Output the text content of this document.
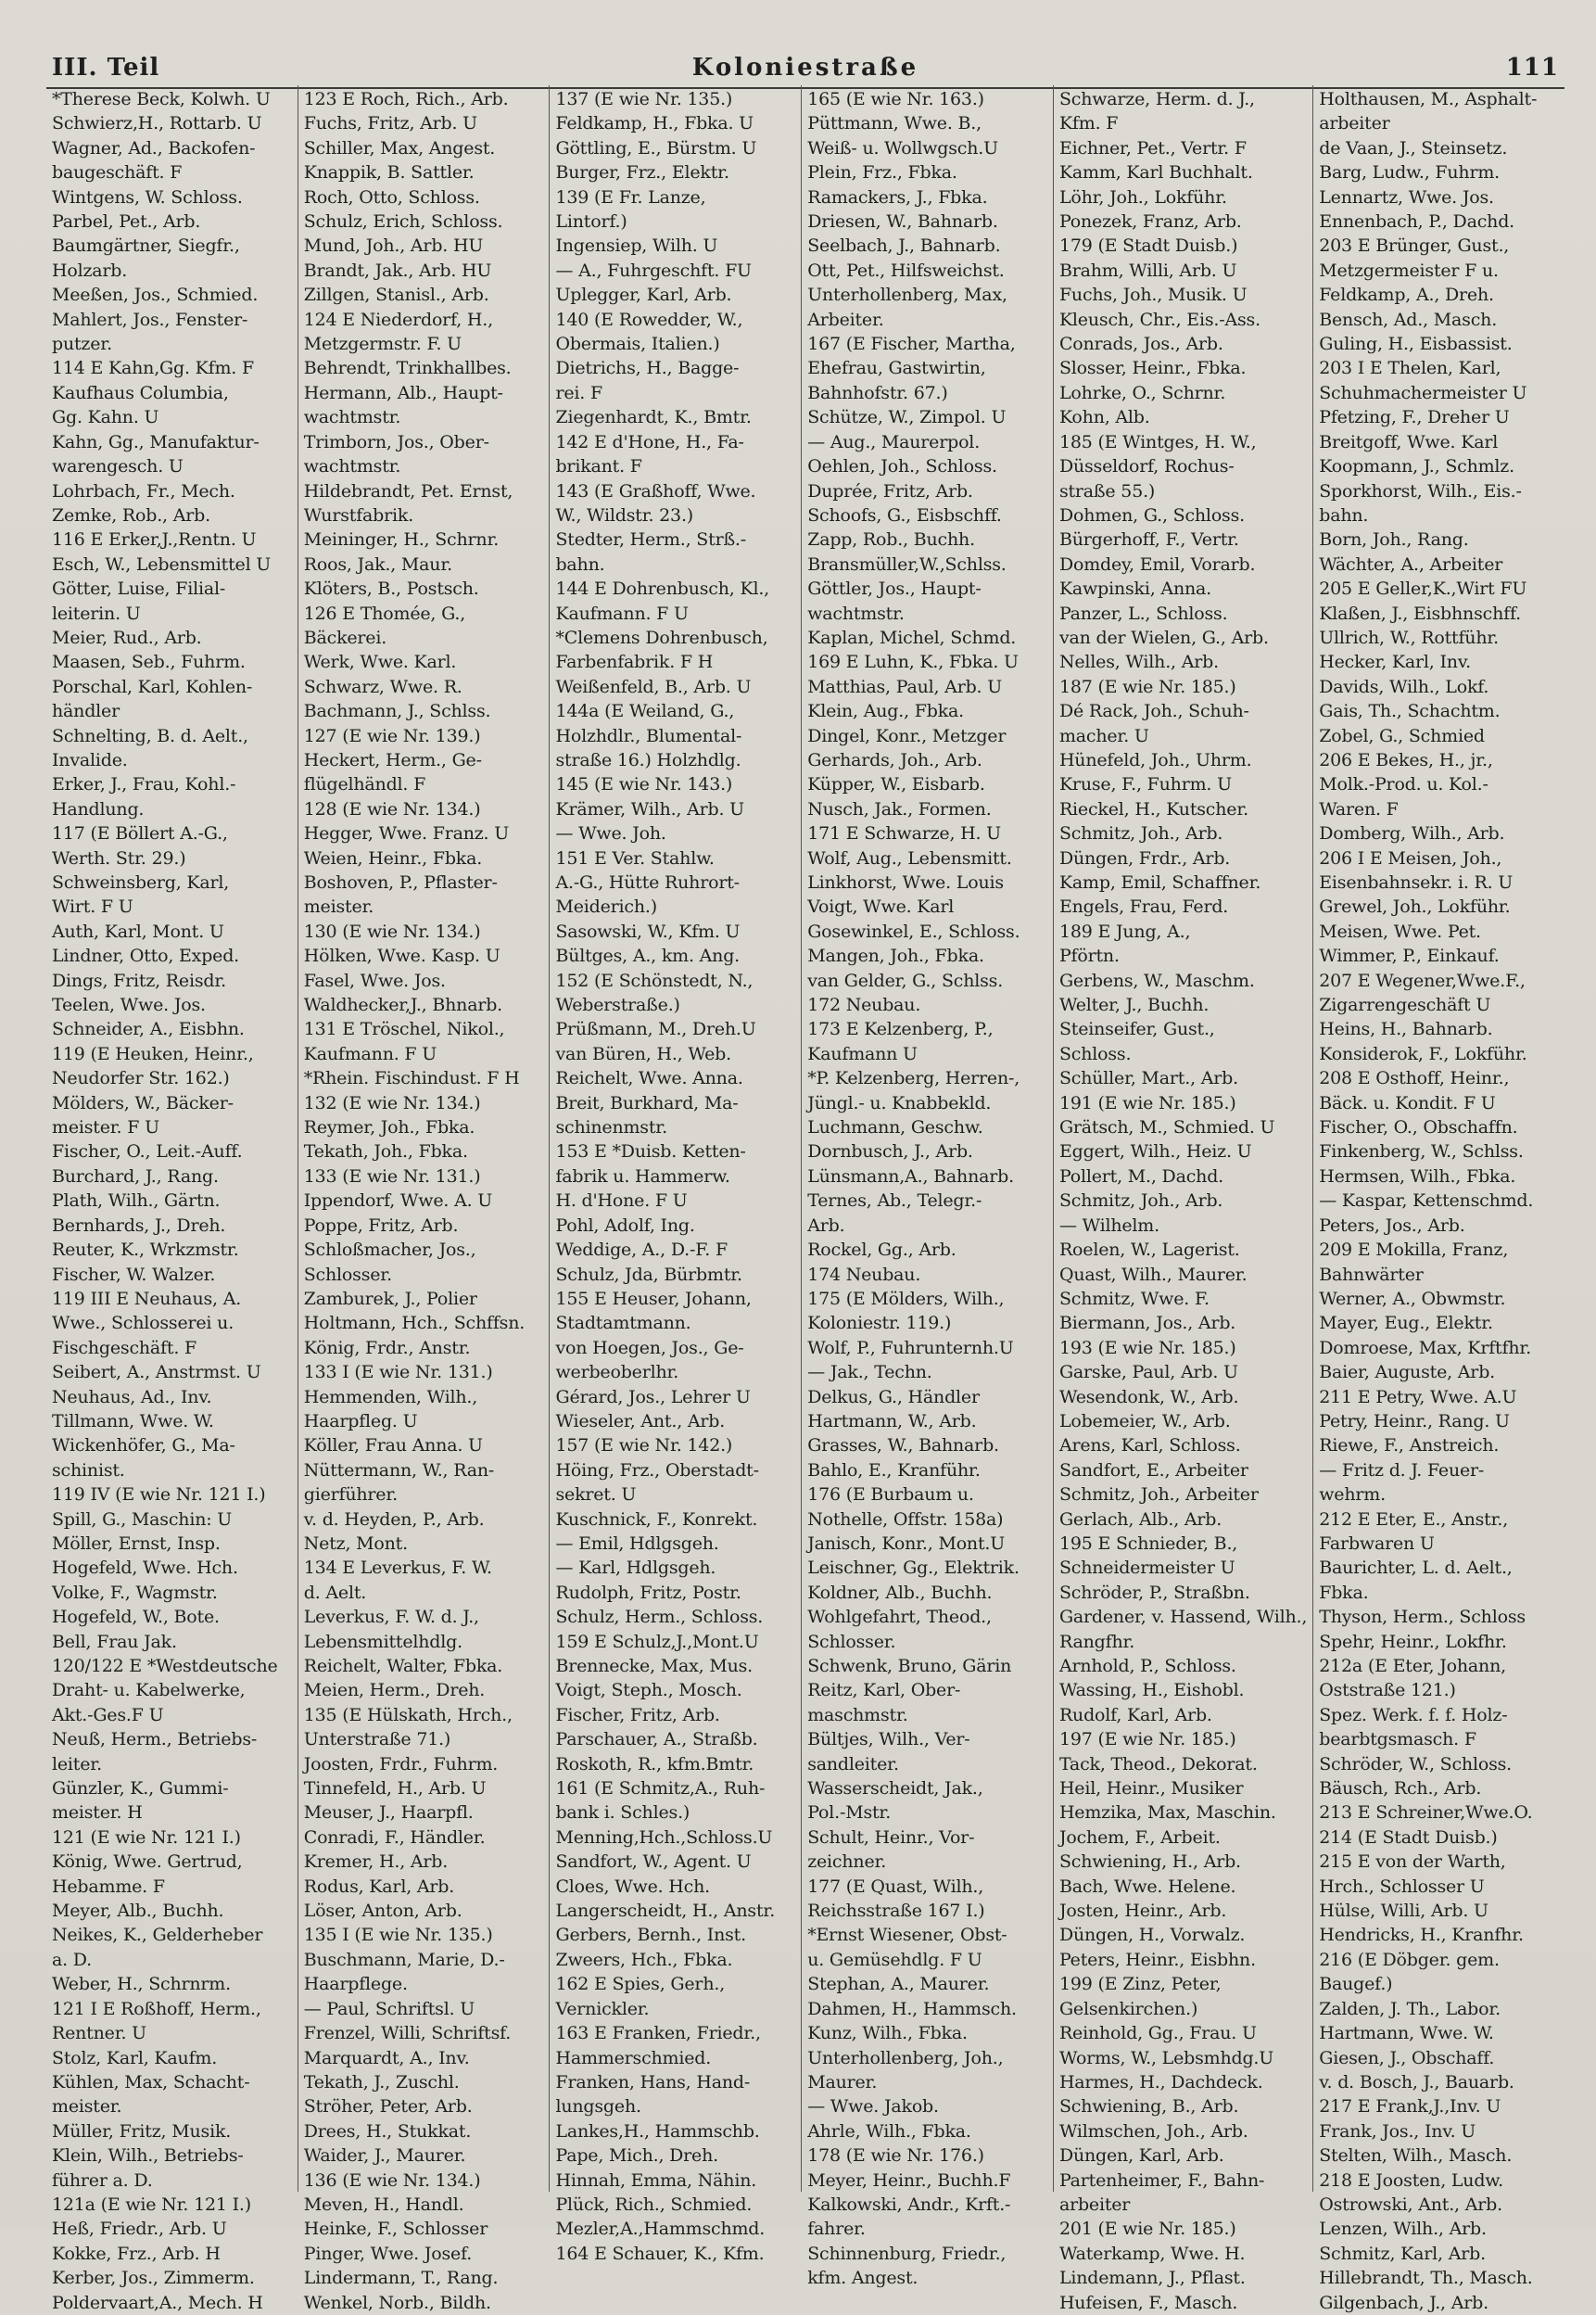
III. Teil	Koloniestraße	111
*Therese Beck, Kolwh. U
Schwierz,H., Rottarb. U
Wagner, Ad., Backofen-
baugeschäft. F
Wintgens, W. Schloss.
Parbel, Pet., Arb.
Baumgärtner, Siegfr.,
Holzarb.
Meeßen, Jos., Schmied.
Mahlert, Jos., Fenster-
putzer.
114 E Kahn,Gg. Kfm. F
Kaufhaus Columbia,
Gg. Kahn. U
Kahn, Gg., Manufaktur-
warengesch. U
Lohrbach, Fr., Mech.
Zemke, Rob., Arb.
116 E Erker,J.,Rentn. U
Esch, W., Lebensmittel U
Götter, Luise, Filial-
leiterin. U
Meier, Rud., Arb.
Maasen, Seb., Fuhrm.
Porschal, Karl, Kohlen-
händler
Schnelting, B. d. Aelt.,
Invalide.
Erker, J., Frau, Kohl.-
Handlung.
117 (E Böllert A.-G.,
Werth. Str. 29.)
Schweinsberg, Karl,
Wirt. F U
Auth, Karl, Mont. U
Lindner, Otto, Exped.
Dings, Fritz, Reisdr.
Teelen, Wwe. Jos.
Schneider, A., Eisbhn.
119 (E Heuken, Heinr.,
Neudorfer Str. 162.)
Mölders, W., Bäcker-
meister. F U
Fischer, O., Leit.-Auff.
Burchard, J., Rang.
Plath, Wilh., Gärtn.
Bernhards, J., Dreh.
Reuter, K., Wrkzmstr.
Fischer, W. Walzer.
119 III E Neuhaus, A.
Wwe., Schlosserei u.
Fischgeschäft. F
Seibert, A., Anstrmst. U
Neuhaus, Ad., Inv.
Tillmann, Wwe. W.
Wickenhöfer, G., Ma-
schinist.
119 IV (E wie Nr. 121 I.)
Spill, G., Maschin: U
Möller, Ernst, Insp.
Hogefeld, Wwe. Hch.
Volke, F., Wagmstr.
Hogefeld, W., Bote.
Bell, Frau Jak.
120/122 E *Westdeutsche
Draht- u. Kabelwerke,
Akt.-Ges.F U
Neuß, Herm., Betriebs-
leiter.
Günzler, K., Gummi-
meister. H
121 (E wie Nr. 121 I.)
König, Wwe. Gertrud,
Hebamme. F
Meyer, Alb., Buchh.
Neikes, K., Gelderheber
a. D.
Weber, H., Schrnrm.
121 I E Roßhoff, Herm.,
Rentner. U
Stolz, Karl, Kaufm.
Kühlen, Max, Schacht-
meister.
Müller, Fritz, Musik.
Klein, Wilh., Betriebs-
führer a. D.
121a (E wie Nr. 121 I.)
Heß, Friedr., Arb. U
Kokke, Frz., Arb. H
Kerber, Jos., Zimmerm.
Poldervaart,A., Mech. H
123 E Roch, Rich., Arb.
Fuchs, Fritz, Arb. U
Schiller, Max, Angest.
Knappik, B. Sattler.
Roch, Otto, Schloss.
Schulz, Erich, Schloss.
Mund, Joh., Arb. HU
Brandt, Jak., Arb. HU
Zillgen, Stanisl., Arb.
124 E Niederdorf, H.,
Metzgermstr. F. U
Behrendt, Trinkhallbes.
Hermann, Alb., Haupt-
wachtmstr.
Trimborn, Jos., Ober-
wachtmstr.
Hildebrandt, Pet. Ernst,
Wurstfabrik.
Meininger, H., Schrnr.
Roos, Jak., Maur.
Klöters, B., Postsch.
126 E Thomée, G.,
Bäckerei.
Werk, Wwe. Karl.
Schwarz, Wwe. R.
Bachmann, J., Schlss.
127 (E wie Nr. 139.)
Heckert, Herm., Ge-
flügelhändl. F
128 (E wie Nr. 134.)
Hegger, Wwe. Franz. U
Weien, Heinr., Fbka.
Boshoven, P., Pflaster-
meister.
130 (E wie Nr. 134.)
Hölken, Wwe. Kasp. U
Fasel, Wwe. Jos.
Waldhecker,J., Bhnarb.
131 E Tröschel, Nikol.,
Kaufmann. F U
*Rhein. Fischindust. F H
132 (E wie Nr. 134.)
Reymer, Joh., Fbka.
Tekath, Joh., Fbka.
133 (E wie Nr. 131.)
Ippendorf, Wwe. A. U
Poppe, Fritz, Arb.
Schloßmacher, Jos.,
Schlosser.
Zamburek, J., Polier
Holtmann, Hch., Schffsn.
König, Frdr., Anstr.
133 I (E wie Nr. 131.)
Hemmenden, Wilh.,
Haarpfleg. U
Köller, Frau Anna. U
Nüttermann, W., Ran-
gierführer.
v. d. Heyden, P., Arb.
Netz, Mont.
134 E Leverkus, F. W.
d. Aelt.
Leverkus, F. W. d. J.,
Lebensmittelhdlg.
Reichelt, Walter, Fbka.
Meien, Herm., Dreh.
135 (E Hülskath, Hrch.,
Unterstraße 71.)
Joosten, Frdr., Fuhrm.
Tinnefeld, H., Arb. U
Meuser, J., Haarpfl.
Conradi, F., Händler.
Kremer, H., Arb.
Rodus, Karl, Arb.
Löser, Anton, Arb.
135 I (E wie Nr. 135.)
Buschmann, Marie, D.-
Haarpflege.
— Paul, Schriftsl. U
Frenzel, Willi, Schriftsf.
Marquardt, A., Inv.
Tekath, J., Zuschl.
Ströher, Peter, Arb.
Drees, H., Stukkat.
Waider, J., Maurer.
136 (E wie Nr. 134.)
Meven, H., Handl.
Heinke, F., Schlosser
Pinger, Wwe. Josef.
Lindermann, T., Rang.
Wenkel, Norb., Bildh.
137 (E wie Nr. 135.)
Feldkamp, H., Fbka. U
Göttling, E., Bürstm. U
Burger, Frz., Elektr.
139 (E Fr. Lanze,
Lintorf.)
Ingensiep, Wilh. U
— A., Fuhrgeschft. FU
Uplegger, Karl, Arb.
140 (E Rowedder, W.,
Obermais, Italien.)
Dietrichs, H., Bagge-
rei. F
Ziegenhardt, K., Bmtr.
142 E d'Hone, H., Fa-
brikant. F
143 (E Graßhoff, Wwe.
W., Wildstr. 23.)
Stedter, Herm., Strß.-
bahn.
144 E Dohrenbusch, Kl.,
Kaufmann. F U
*Clemens Dohrenbusch,
Farbenfabrik. F H
Weißenfeld, B., Arb. U
144a (E Weiland, G.,
Holzhdlr., Blumental-
straße 16.) Holzhdlg.
145 (E wie Nr. 143.)
Krämer, Wilh., Arb. U
— Wwe. Joh.
151 E Ver. Stahlw.
A.-G., Hütte Ruhrort-
Meiderich.)
Sasowski, W., Kfm. U
Bültges, A., km. Ang.
152 (E Schönstedt, N.,
Weberstraße.)
Prüßmann, M., Dreh.U
van Büren, H., Web.
Reichelt, Wwe. Anna.
Breit, Burkhard, Ma-
schinenmstr.
153 E *Duisb. Ketten-
fabrik u. Hammerw.
H. d'Hone. F U
Pohl, Adolf, Ing.
Weddige, A., D.-F. F
Schulz, Jda, Bürbmtr.
155 E Heuser, Johann,
Stadtamtmann.
von Hoegen, Jos., Ge-
werbeoberlhr.
Gérard, Jos., Lehrer U
Wieseler, Ant., Arb.
157 (E wie Nr. 142.)
Höing, Frz., Oberstadt-
sekret. U
Kuschnick, F., Konrekt.
— Emil, Hdlgsgeh.
— Karl, Hdlgsgeh.
Rudolph, Fritz, Postr.
Schulz, Herm., Schloss.
159 E Schulz,J.,Mont.U
Brennecke, Max, Mus.
Voigt, Steph., Mosch.
Fischer, Fritz, Arb.
Parschauer, A., Straßb.
Roskoth, R., kfm.Bmtr.
161 (E Schmitz,A., Ruh-
bank i. Schles.)
Menning,Hch.,Schloss.U
Sandfort, W., Agent. U
Cloes, Wwe. Hch.
Langerscheidt, H., Anstr.
Gerbers, Bernh., Inst.
Zweers, Hch., Fbka.
162 E Spies, Gerh.,
Vernickler.
163 E Franken, Friedr.,
Hammerschmied.
Franken, Hans, Hand-
lungsgeh.
Lankes,H., Hammschb.
Pape, Mich., Dreh.
Hinnah, Emma, Nähin.
Plück, Rich., Schmied.
Mezler,A.,Hammschmd.
164 E Schauer, K., Kfm.
165 (E wie Nr. 163.)
Püttmann, Wwe. B.,
Weiß- u. Wollwgsch.U
Plein, Frz., Fbka.
Ramackers, J., Fbka.
Driesen, W., Bahnarb.
Seelbach, J., Bahnarb.
Ott, Pet., Hilfsweichst.
Unterhollenberg, Max,
Arbeiter.
167 (E Fischer, Martha,
Ehefrau, Gastwirtin,
Bahnhofstr. 67.)
Schütze, W., Zimpol. U
— Aug., Maurerpol.
Oehlen, Joh., Schloss.
Duprée, Fritz, Arb.
Schoofs, G., Eisbschff.
Zapp, Rob., Buchh.
Bransmüller,W.,Schlss.
Göttler, Jos., Haupt-
wachtmstr.
Kaplan, Michel, Schmd.
169 E Luhn, K., Fbka. U
Matthias, Paul, Arb. U
Klein, Aug., Fbka.
Dingel, Konr., Metzger
Gerhards, Joh., Arb.
Küpper, W., Eisbarb.
Nusch, Jak., Formen.
171 E Schwarze, H. U
Wolf, Aug., Lebensmitt.
Linkhorst, Wwe. Louis
Voigt, Wwe. Karl
Gosewinkel, E., Schloss.
Mangen, Joh., Fbka.
van Gelder, G., Schlss.
172 Neubau.
173 E Kelzenberg, P.,
Kaufmann U
*P. Kelzenberg, Herren-,
Jüngl.- u. Knabbekld.
Luchmann, Geschw.
Dornbusch, J., Arb.
Lünsmann,A., Bahnarb.
Ternes, Ab., Telegr.-
Arb.
Rockel, Gg., Arb.
174 Neubau.
175 (E Mölders, Wilh.,
Koloniestr. 119.)
Wolf, P., Fuhrunternh.U
— Jak., Techn.
Delkus, G., Händler
Hartmann, W., Arb.
Grasses, W., Bahnarb.
Bahlo, E., Kranführ.
176 (E Burbaum u.
Nothelle, Offstr. 158a)
Janisch, Konr., Mont.U
Leischner, Gg., Elektrik.
Koldner, Alb., Buchh.
Wohlgefahrt, Theod.,
Schlosser.
Schwenk, Bruno, Gärin
Reitz, Karl, Ober-
maschmstr.
Bültjes, Wilh., Ver-
sandleiter.
Wasserscheidt, Jak.,
Pol.-Mstr.
Schult, Heinr., Vor-
zeichner.
177 (E Quast, Wilh.,
Reichsstraße 167 I.)
*Ernst Wiesener, Obst-
u. Gemüsehdlg. F U
Stephan, A., Maurer.
Dahmen, H., Hammsch.
Kunz, Wilh., Fbka.
Unterhollenberg, Joh.,
Maurer.
— Wwe. Jakob.
Ahrle, Wilh., Fbka.
178 (E wie Nr. 176.)
Meyer, Heinr., Buchh.F
Kalkowski, Andr., Krft.-
fahrer.
Schinnenburg, Friedr.,
kfm. Angest.
Schwarze, Herm. d. J.,
Kfm. F
Eichner, Pet., Vertr. F
Kamm, Karl Buchhalt.
Löhr, Joh., Lokführ.
Ponezek, Franz, Arb.
179 (E Stadt Duisb.)
Brahm, Willi, Arb. U
Fuchs, Joh., Musik. U
Kleusch, Chr., Eis.-Ass.
Conrads, Jos., Arb.
Slosser, Heinr., Fbka.
Lohrke, O., Schrnr.
Kohn, Alb.
185 (E Wintges, H. W.,
Düsseldorf, Rochus-
straße 55.)
Dohmen, G., Schloss.
Bürgerhoff, F., Vertr.
Domdey, Emil, Vorarb.
Kawpinski, Anna.
Panzer, L., Schloss.
van der Wielen, G., Arb.
Nelles, Wilh., Arb.
187 (E wie Nr. 185.)
Dé Rack, Joh., Schuh-
macher. U
Hünefeld, Joh., Uhrm.
Kruse, F., Fuhrm. U
Rieckel, H., Kutscher.
Schmitz, Joh., Arb.
Düngen, Frdr., Arb.
Kamp, Emil, Schaffner.
Engels, Frau, Ferd.
189 E Jung, A.,
Pförtn.
Gerbens, W., Maschm.
Welter, J., Buchh.
Steinseifer, Gust.,
Schloss.
Schüller, Mart., Arb.
191 (E wie Nr. 185.)
Grätsch, M., Schmied. U
Eggert, Wilh., Heiz. U
Pollert, M., Dachd.
Schmitz, Joh., Arb.
— Wilhelm.
Roelen, W., Lagerist.
Quast, Wilh., Maurer.
Schmitz, Wwe. F.
Biermann, Jos., Arb.
193 (E wie Nr. 185.)
Garske, Paul, Arb. U
Wesendonk, W., Arb.
Lobemeier, W., Arb.
Arens, Karl, Schloss.
Sandfort, E., Arbeiter
Schmitz, Joh., Arbeiter
Gerlach, Alb., Arb.
195 E Schnieder, B.,
Schneidermeister U
Schröder, P., Straßbn.
Gardener, v. Hassend, Wilh.,
Rangfhr.
Arnhold, P., Schloss.
Wassing, H., Eishobl.
Rudolf, Karl, Arb.
197 (E wie Nr. 185.)
Tack, Theod., Dekorat.
Heil, Heinr., Musiker
Hemzika, Max, Maschin.
Jochem, F., Arbeit.
Schwiening, H., Arb.
Bach, Wwe. Helene.
Josten, Heinr., Arb.
Düngen, H., Vorwalz.
Peters, Heinr., Eisbhn.
199 (E Zinz, Peter,
Gelsenkirchen.)
Reinhold, Gg., Frau. U
Worms, W., Lebsmhdg.U
Harmes, H., Dachdeck.
Schwiening, B., Arb.
Wilmschen, Joh., Arb.
Düngen, Karl, Arb.
Partenheimer, F., Bahn-
arbeiter
201 (E wie Nr. 185.)
Waterkamp, Wwe. H.
Lindemann, J., Pflast.
Hufeisen, F., Masch.
Holthausen, M., Asphalt-
arbeiter
de Vaan, J., Steinsetz.
Barg, Ludw., Fuhrm.
Lennartz, Wwe. Jos.
Ennenbach, P., Dachd.
203 E Brünger, Gust.,
Metzgermeister F u.
Feldkamp, A., Dreh.
Bensch, Ad., Masch.
Guling, H., Eisbassist.
203 I E Thelen, Karl,
Schuhmachermeister U
Pfetzing, F., Dreher U
Breitgoff, Wwe. Karl
Koopmann, J., Schmlz.
Sporkhorst, Wilh., Eis.-
bahn.
Born, Joh., Rang.
Wächter, A., Arbeiter
205 E Geller,K.,Wirt FU
Klaßen, J., Eisbhnschff.
Ullrich, W., Rottführ.
Hecker, Karl, Inv.
Davids, Wilh., Lokf.
Gais, Th., Schachtm.
Zobel, G., Schmied
206 E Bekes, H., jr.,
Molk.-Prod. u. Kol.-
Waren. F
Domberg, Wilh., Arb.
206 I E Meisen, Joh.,
Eisenbahnsekr. i. R. U
Grewel, Joh., Lokführ.
Meisen, Wwe. Pet.
Wimmer, P., Einkauf.
207 E Wegener,Wwe.F.,
Zigarrengeschäft U
Heins, H., Bahnarb.
Konsiderok, F., Lokführ.
208 E Osthoff, Heinr.,
Bäck. u. Kondit. F U
Fischer, O., Obschaffn.
Finkenberg, W., Schlss.
Hermsen, Wilh., Fbka.
— Kaspar, Kettenschmd.
Peters, Jos., Arb.
209 E Mokilla, Franz,
Bahnwärter
Werner, A., Obwmstr.
Mayer, Eug., Elektr.
Domroese, Max, Krftfhr.
Baier, Auguste, Arb.
211 E Petry, Wwe. A.U
Petry, Heinr., Rang. U
Riewe, F., Anstreich.
— Fritz d. J. Feuer-
wehrm.
212 E Eter, E., Anstr.,
Farbwaren U
Baurichter, L. d. Aelt.,
Fbka.
Thyson, Herm., Schloss
Spehr, Heinr., Lokfhr.
212a (E Eter, Johann,
Oststraße 121.)
Spez. Werk. f. f. Holz-
bearbtgsmasch. F
Schröder, W., Schloss.
Bäusch, Rch., Arb.
213 E Schreiner,Wwe.O.
214 (E Stadt Duisb.)
215 E von der Warth,
Hrch., Schlosser U
Hülse, Willi, Arb. U
Hendricks, H., Kranfhr.
216 (E Döbger. gem.
Baugef.)
Zalden, J. Th., Labor.
Hartmann, Wwe. W.
Giesen, J., Obschaff.
v. d. Bosch, J., Bauarb.
217 E Frank,J.,Inv. U
Frank, Jos., Inv. U
Stelten, Wilh., Masch.
218 E Joosten, Ludw.
Ostrowski, Ant., Arb.
Lenzen, Wilh., Arb.
Schmitz, Karl, Arb.
Hillebrandt, Th., Masch.
Gilgenbach, J., Arb.
